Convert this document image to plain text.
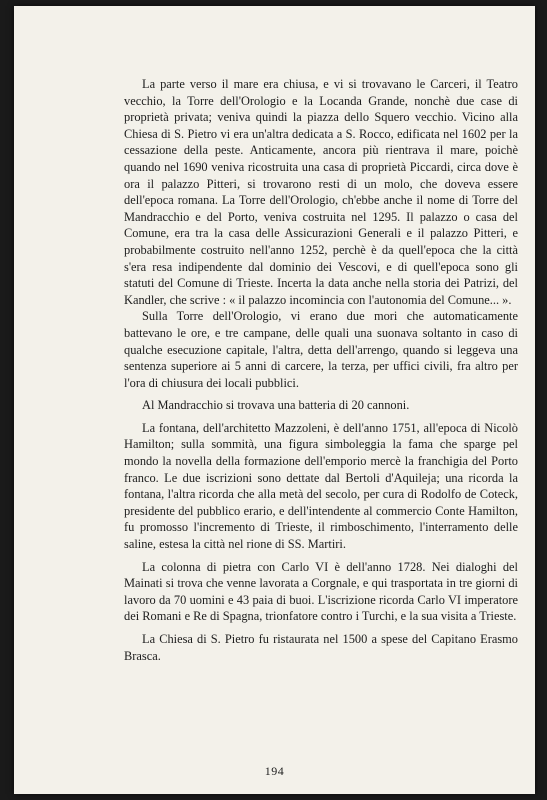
La parte verso il mare era chiusa, e vi si trovavano le Carceri, il Teatro vecchio, la Torre dell'Orologio e la Locanda Grande, nonchè due case di proprietà privata; veniva quindi la piazza dello Squero vecchio. Vicino alla Chiesa di S. Pietro vi era un'altra dedicata a S. Rocco, edificata nel 1602 per la cessazione della peste. Anticamente, ancora più rientrava il mare, poichè quando nel 1690 veniva ricostruita una casa di proprietà Piccardi, circa dove è ora il palazzo Pitteri, si trovarono resti di un molo, che doveva essere dell'epoca romana. La Torre dell'Orologio, ch'ebbe anche il nome di Torre del Mandracchio e del Porto, veniva costruita nel 1295. Il palazzo o casa del Comune, era tra la casa delle Assicurazioni Generali e il palazzo Pitteri, e probabilmente costruito nell'anno 1252, perchè è da quell'epoca che la città s'era resa indipendente dal dominio dei Vescovi, e di quell'epoca sono gli statuti del Comune di Trieste. Incerta la data anche nella storia dei Patrizi, del Kandler, che scrive : « il palazzo incomincia con l'autonomia del Comune... ».

Sulla Torre dell'Orologio, vi erano due mori che automaticamente battevano le ore, e tre campane, delle quali una suonava soltanto in caso di qualche esecuzione capitale, l'altra, detta dell'arrengo, quando si leggeva una sentenza superiore ai 5 anni di carcere, la terza, per uffici civili, fra altro per l'ora di chiusura dei locali pubblici.

Al Mandracchio si trovava una batteria di 20 cannoni.

La fontana, dell'architetto Mazzoleni, è dell'anno 1751, all'epoca di Nicolò Hamilton; sulla sommità, una figura simboleggia la fama che sparge pel mondo la novella della formazione dell'emporio mercè la franchigia del Porto franco. Le due iscrizioni sono dettate dal Bertoli d'Aquileja; una ricorda la fontana, l'altra ricorda che alla metà del secolo, per cura di Rodolfo de Coteck, presidente del pubblico erario, e dell'intendente al commercio Conte Hamilton, fu promosso l'incremento di Trieste, il rimboschimento, l'interramento delle saline, estesa la città nel rione di SS. Martiri.

La colonna di pietra con Carlo VI è dell'anno 1728. Nei dialoghi del Mainati si trova che venne lavorata a Corgnale, e qui trasportata in tre giorni di lavoro da 70 uomini e 43 paia di buoi. L'iscrizione ricorda Carlo VI imperatore dei Romani e Re di Spagna, trionfatore contro i Turchi, e la sua visita a Trieste.

La Chiesa di S. Pietro fu ristaurata nel 1500 a spese del Capitano Erasmo Brasca.

194
